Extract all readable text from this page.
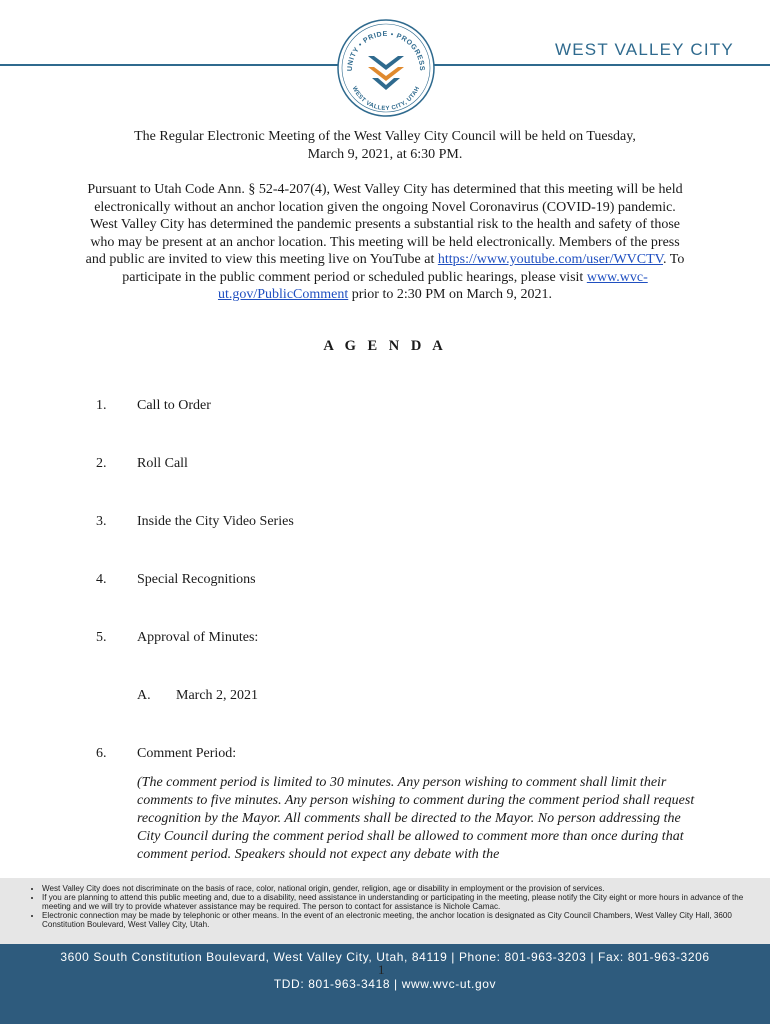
WEST VALLEY CITY
UNITY • PRIDE • PROGRESS
WEST VALLEY CITY, UTAH
The Regular Electronic Meeting of the West Valley City Council will be held on Tuesday,
March 9, 2021, at 6:30 PM.
Pursuant to Utah Code Ann. § 52-4-207(4), West Valley City has determined that this meeting will be held electronically without an anchor location given the ongoing Novel Coronavirus (COVID-19) pandemic. West Valley City has determined the pandemic presents a substantial risk to the health and safety of those who may be present at an anchor location. This meeting will be held electronically. Members of the press and public are invited to view this meeting live on YouTube at https://www.youtube.com/user/WVCTV. To participate in the public comment period or scheduled public hearings, please visit www.wvc-ut.gov/PublicComment prior to 2:30 PM on March 9, 2021.
A G E N D A
1. Call to Order
2. Roll Call
3. Inside the City Video Series
4. Special Recognitions
5. Approval of Minutes:
A. March 2, 2021
6. Comment Period:
(The comment period is limited to 30 minutes. Any person wishing to comment shall limit their comments to five minutes. Any person wishing to comment during the comment period shall request recognition by the Mayor. All comments shall be directed to the Mayor. No person addressing the City Council during the comment period shall be allowed to comment more than once during that comment period. Speakers should not expect any debate with the
• West Valley City does not discriminate on the basis of race, color, national origin, gender, religion, age or disability in employment or the provision of services.
• If you are planning to attend this public meeting and, due to a disability, need assistance in understanding or participating in the meeting, please notify the City eight or more hours in advance of the meeting and we will try to provide whatever assistance may be required. The person to contact for assistance is Nichole Camac.
• Electronic connection may be made by telephonic or other means. In the event of an electronic meeting, the anchor location is designated as City Council Chambers, West Valley City Hall, 3600 Constitution Boulevard, West Valley City, Utah.
3600 South Constitution Boulevard, West Valley City, Utah, 84119 | Phone: 801-963-3203 | Fax: 801-963-3206
TDD: 801-963-3418 | www.wvc-ut.gov
1
